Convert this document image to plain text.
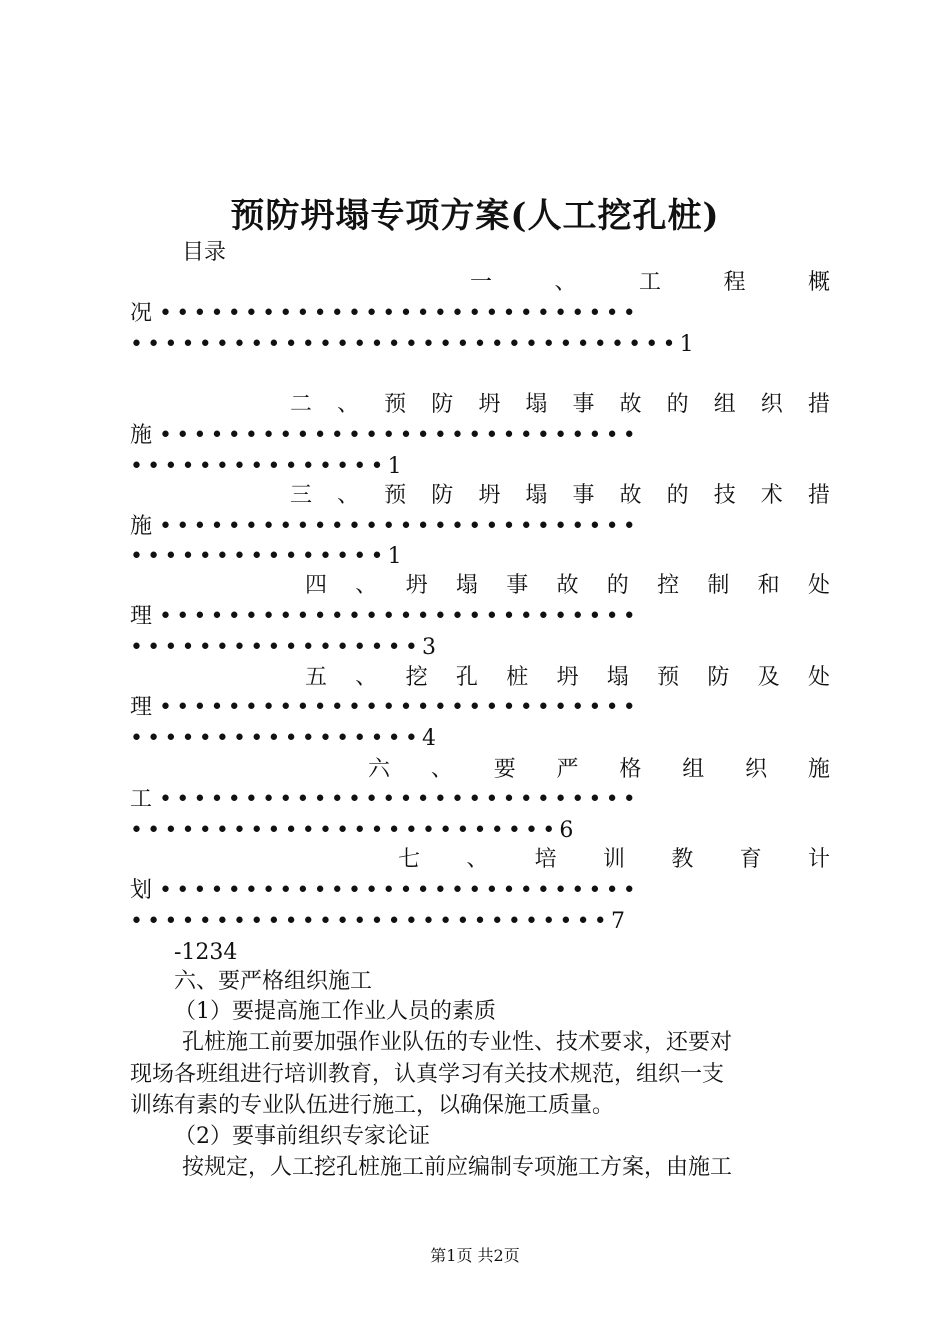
预防坍塌专项方案(人工挖孔桩)
目录
一	、	工	程	概
况 ••••••••••••••••••••••••••••
••••••••••••••••••••••••••••••••1
二 、 预 防 坍 塌 事 故 的 组 织 措
施 ••••••••••••••••••••••••••••
•••••••••••••••1
三 、 预 防 坍 塌 事 故 的 技 术 措
施 ••••••••••••••••••••••••••••
•••••••••••••••1
四 、 坍 塌 事 故 的 控 制 和 处
理 ••••••••••••••••••••••••••••
•••••••••••••••••3
五 、 挖 孔 桩 坍 塌 预 防 及 处
理 ••••••••••••••••••••••••••••
•••••••••••••••••4
六 、 要 严 格 组 织 施
工 ••••••••••••••••••••••••••••
•••••••••••••••••••••••••6
七 、 培 训 教 育 计
划 ••••••••••••••••••••••••••••
••••••••••••••••••••••••••••7
-1234
六、要严格组织施工
（1）要提高施工作业人员的素质
孔桩施工前要加强作业队伍的专业性、技术要求，还要对
现场各班组进行培训教育，认真学习有关技术规范，组织一支
训练有素的专业队伍进行施工，以确保施工质量。
（2）要事前组织专家论证
按规定，人工挖孔桩施工前应编制专项施工方案，由施工
第1页 共2页
